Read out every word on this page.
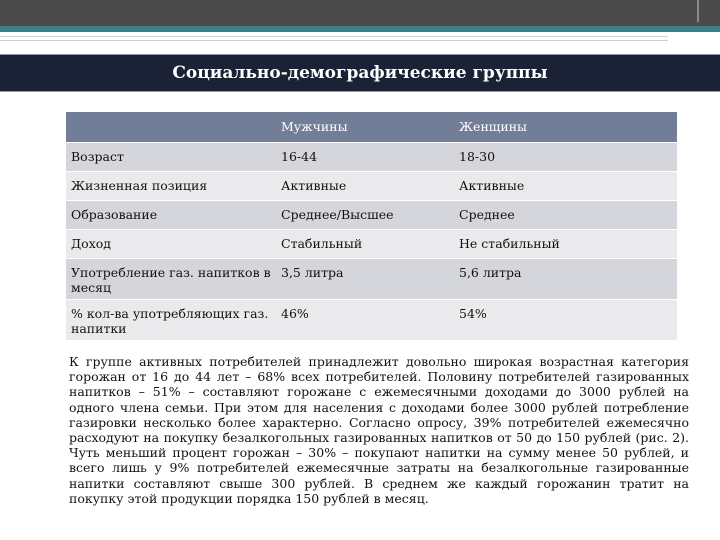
Социально-демографические группы
	Мужчины	Женщины
Возраст	16-44	18-30
Жизненная позиция	Активные	Активные
Образование	Среднее/Высшее	Среднее
Доход	Стабильный	Не стабильный
Употребление газ. напитков в месяц	3,5 литра	5,6 литра
% кол-ва употребляющих газ. напитки	46%	54%

К группе активных потребителей принадлежит довольно широкая возрастная категория горожан от 16 до 44 лет – 68% всех потребителей. Половину потребителей газированных напитков – 51% – составляют горожане с ежемесячными доходами до 3000 рублей на одного члена семьи. При этом для населения с доходами более 3000 рублей потребление газировки несколько более характерно. Согласно опросу, 39% потребителей ежемесячно расходуют на покупку безалкогольных газированных напитков от 50 до 150 рублей (рис. 2). Чуть меньший процент горожан – 30% – покупают напитки на сумму менее 50 рублей, и всего лишь у 9% потребителей ежемесячные затраты на безалкогольные газированные напитки составляют свыше 300 рублей. В среднем же каждый горожанин тратит на покупку этой продукции порядка 150 рублей в месяц.
